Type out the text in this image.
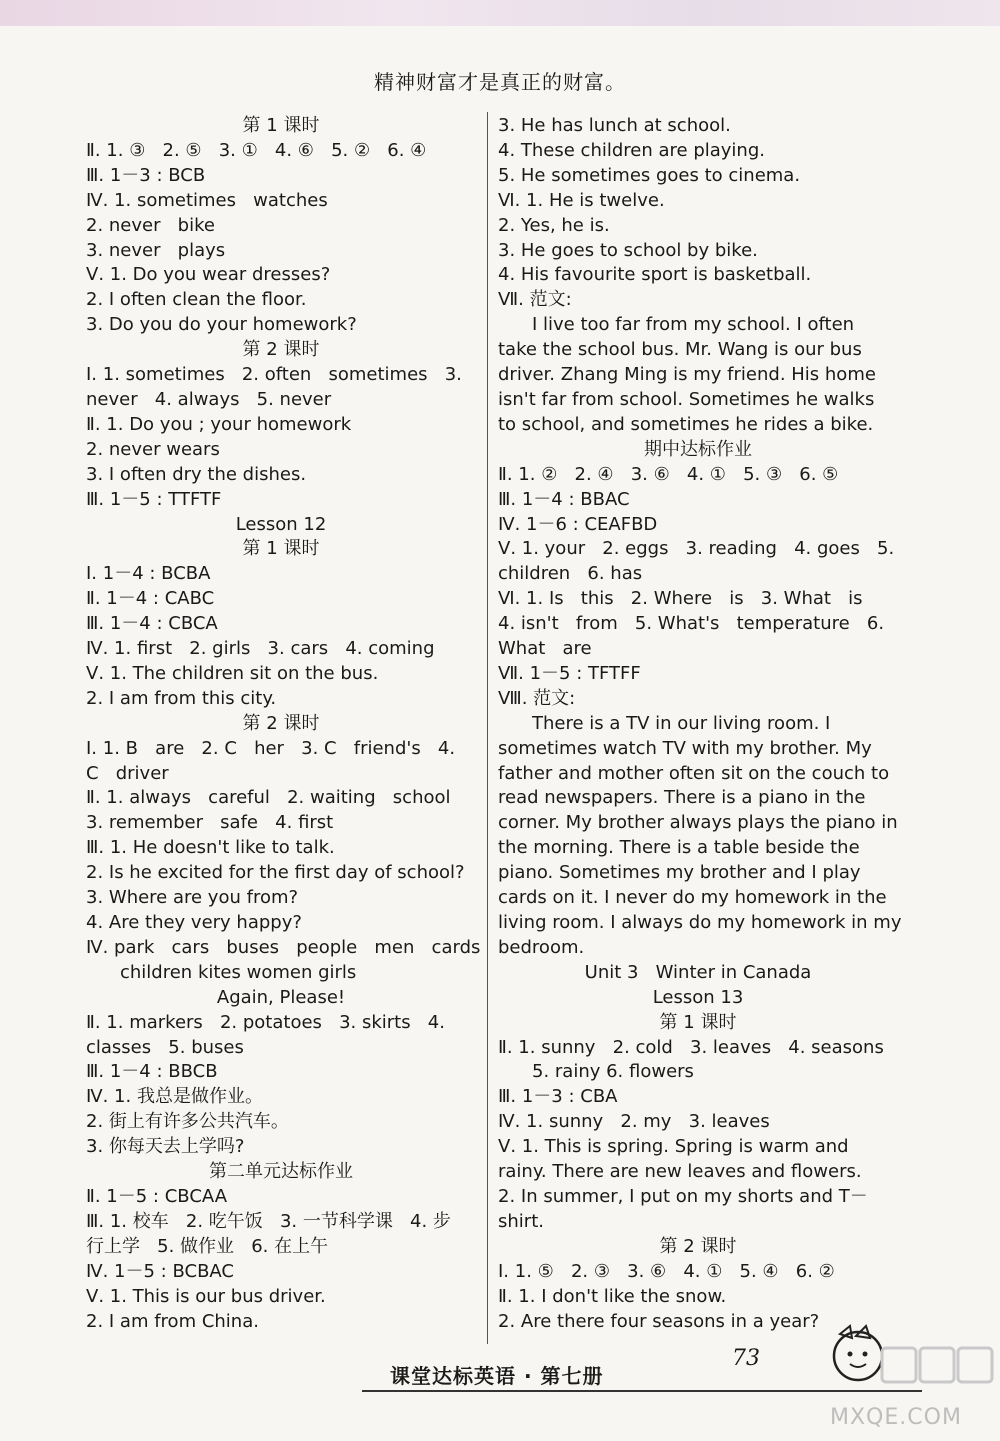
精神财富才是真正的财富。
第 1 课时
Ⅱ. 1. ③   2. ⑤   3. ①   4. ⑥   5. ②   6. ④
Ⅲ. 1－3 : BCB
Ⅳ. 1. sometimes   watches
2. never   bike
3. never   plays
Ⅴ. 1. Do you wear dresses?
2. I often clean the floor.
3. Do you do your homework?
第 2 课时
Ⅰ. 1. sometimes   2. often   sometimes   3.
never   4. always   5. never
Ⅱ. 1. Do you ; your homework
2. never wears
3. I often dry the dishes.
Ⅲ. 1－5 : TTFTF
Lesson 12
第 1 课时
Ⅰ. 1－4 : BCBA
Ⅱ. 1－4 : CABC
Ⅲ. 1－4 : CBCA
Ⅳ. 1. first   2. girls   3. cars   4. coming
Ⅴ. 1. The children sit on the bus.
2. I am from this city.
第 2 课时
Ⅰ. 1. B   are   2. C   her   3. C   friend's   4.
C   driver
Ⅱ. 1. always   careful   2. waiting   school
3. remember   safe   4. first
Ⅲ. 1. He doesn't like to talk.
2. Is he excited for the first day of school?
3. Where are you from?
4. Are they very happy?
Ⅳ. park   cars   buses   people   men   cards
children kites women girls
Again, Please!
Ⅱ. 1. markers   2. potatoes   3. skirts   4.
classes   5. buses
Ⅲ. 1－4 : BBCB
Ⅳ. 1. 我总是做作业。
2. 街上有许多公共汽车。
3. 你每天去上学吗?
第二单元达标作业
Ⅱ. 1－5 : CBCAA
Ⅲ. 1. 校车   2. 吃午饭   3. 一节科学课   4. 步
行上学   5. 做作业   6. 在上午
Ⅳ. 1－5 : BCBAC
Ⅴ. 1. This is our bus driver.
2. I am from China.
3. He has lunch at school.
4. These children are playing.
5. He sometimes goes to cinema.
Ⅵ. 1. He is twelve.
2. Yes, he is.
3. He goes to school by bike.
4. His favourite sport is basketball.
Ⅶ. 范文:
I live too far from my school. I often
take the school bus. Mr. Wang is our bus
driver. Zhang Ming is my friend. His home
isn't far from school. Sometimes he walks
to school, and sometimes he rides a bike.
期中达标作业
Ⅱ. 1. ②   2. ④   3. ⑥   4. ①   5. ③   6. ⑤
Ⅲ. 1－4 : BBAC
Ⅳ. 1－6 : CEAFBD
Ⅴ. 1. your   2. eggs   3. reading   4. goes   5.
children   6. has
Ⅵ. 1. Is   this   2. Where   is   3. What   is
4. isn't   from   5. What's   temperature   6.
What   are
Ⅶ. 1－5 : TFTFF
Ⅷ. 范文:
There is a TV in our living room. I
sometimes watch TV with my brother. My
father and mother often sit on the couch to
read newspapers. There is a piano in the
corner. My brother always plays the piano in
the morning. There is a table beside the
piano. Sometimes my brother and I play
cards on it. I never do my homework in the
living room. I always do my homework in my
bedroom.
Unit 3   Winter in Canada
Lesson 13
第 1 课时
Ⅱ. 1. sunny   2. cold   3. leaves   4. seasons
5. rainy 6. flowers
Ⅲ. 1－3 : CBA
Ⅳ. 1. sunny   2. my   3. leaves
Ⅴ. 1. This is spring. Spring is warm and
rainy. There are new leaves and flowers.
2. In summer, I put on my shorts and T－
shirt.
第 2 课时
Ⅰ. 1. ⑤   2. ③   3. ⑥   4. ①   5. ④   6. ②
Ⅱ. 1. I don't like the snow.
2. Are there four seasons in a year?
73
课堂达标英语 · 第七册
MXQE.COM
